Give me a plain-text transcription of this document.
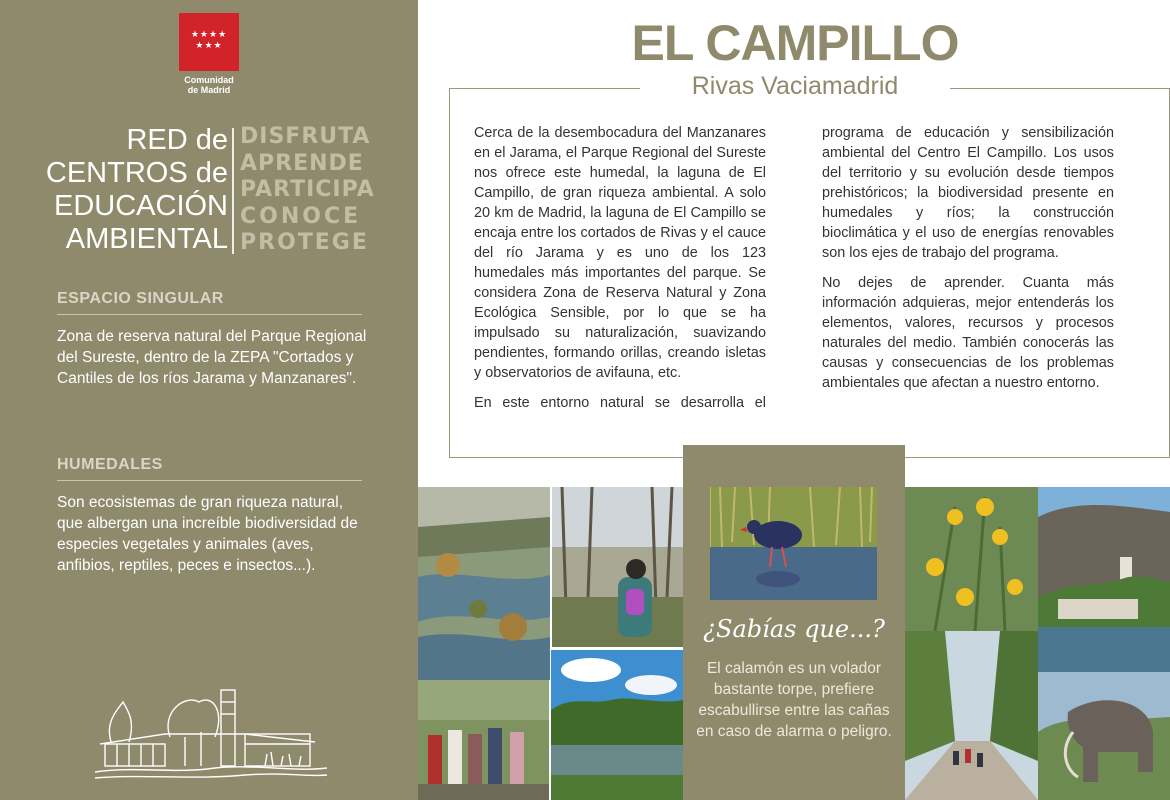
★★★★
★★★
Comunidad
de Madrid
RED de
CENTROS de
EDUCACIÓN
AMBIENTAL
DISFRUTA
APRENDE
PARTICIPA
CONOCE
PROTEGE
ESPACIO SINGULAR
Zona de reserva natural del Parque Regional del Sureste, dentro de la ZEPA "Cortados y Cantiles de los ríos Jarama y Manzanares".
HUMEDALES
Son ecosistemas de gran riqueza natural, que albergan una increíble biodiversidad de especies vegetales y animales (aves, anfibios, reptiles, peces e insectos...).
EL CAMPILLO
Rivas Vaciamadrid

Cerca de la desembocadura del Manzanares en el Jarama, el Parque Regional del Sureste nos ofrece este humedal, la laguna de El Campillo, de gran riqueza ambiental. A solo 20 km de Madrid, la laguna de El Campillo se encaja entre los cortados de Rivas y el cauce del río Jarama y es uno de los 123 humedales más importantes del parque. Se considera Zona de Reserva Natural y Zona Ecológica Sensible, por lo que se ha impulsado su naturalización, suavizando pendientes, formando orillas, creando isletas y observatorios de avifauna, etc.

En este entorno natural se desarrolla el

programa de educación y sensibilización ambiental del Centro El Campillo. Los usos del territorio y su evolución desde tiempos prehistóricos; la biodiversidad presente en humedales y ríos; la construcción bioclimática y el uso de energías renovables son los ejes de trabajo del programa.

No dejes de aprender. Cuanta más información adquieras, mejor entenderás los elementos, valores, recursos y procesos naturales del medio. También conocerás las causas y consecuencias de los problemas ambientales que afectan a nuestro entorno.

¿Sabías que...?
El calamón es un volador bastante torpe, prefiere escabullirse entre las cañas en caso de alarma o peligro.
